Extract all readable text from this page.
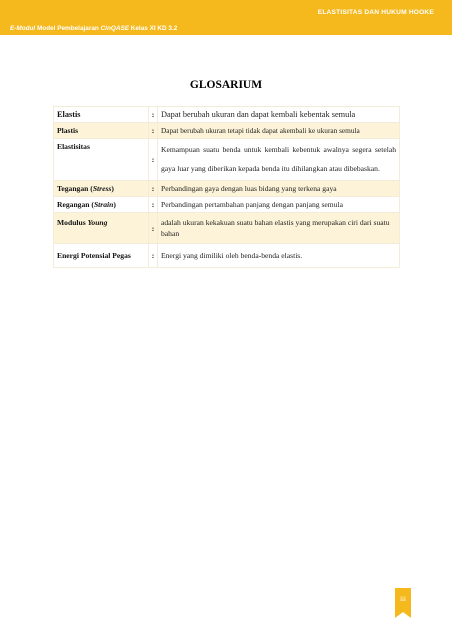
ELASTISITAS DAN HUKUM HOOKE
E-Modul Model Pembelajaran CinQASE Kelas XI KD 3.2
GLOSARIUM
Elastis	:	Dapat berubah ukuran dan dapat kembali kebentak semula
Plastis	:	Dapat berubah ukuran tetapi tidak dapat akembali ke ukuran semula
Elastisitas	:	Kemampuan suatu benda untuk kembali kebentuk awalnya segera setelah gaya luar yang diberikan kepada benda itu dihilangkan atau dibebaskan.
Tegangan (Stress)	:	Perbandingan gaya dengan luas bidang yang terkena gaya
Regangan (Strain)	:	Perbandingan pertambahan panjang dengan panjang semula
Modulus Young	:	adalah ukuran kekakuan suatu bahan elastis yang merupakan ciri dari suatu bahan
Energi Potensial Pegas	:	Energi yang dimiliki oleh benda-benda elastis.
iii
